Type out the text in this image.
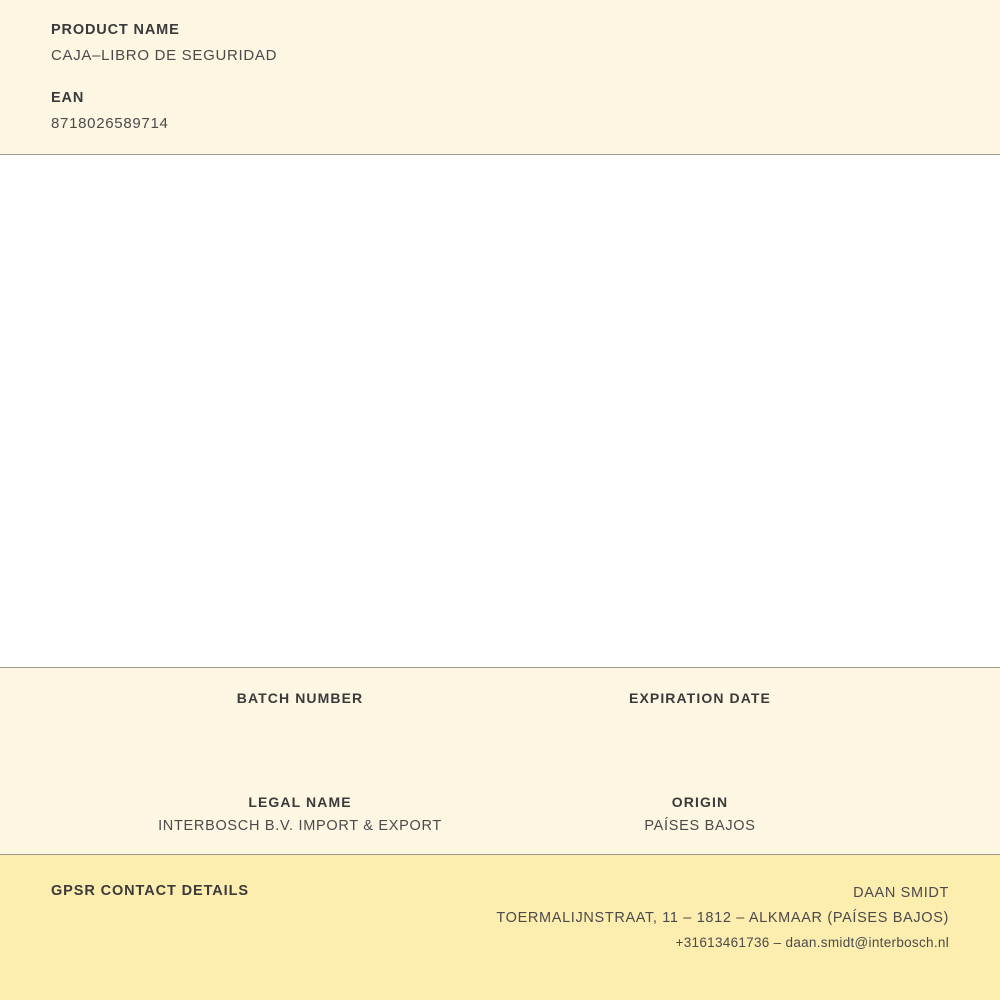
PRODUCT NAME

CAJA–LIBRO DE SEGURIDAD

EAN

8718026589714

BATCH NUMBER	EXPIRATION DATE

LEGAL NAME

INTERBOSCH B.V. IMPORT & EXPORT

ORIGIN

PAÍSES BAJOS

GPSR CONTACT DETAILS	DAAN SMIDT
TOERMALIJNSTRAAT, 11 – 1812 – ALKMAAR (PAÍSES BAJOS)
+31613461736 – daan.smidt@interbosch.nl
